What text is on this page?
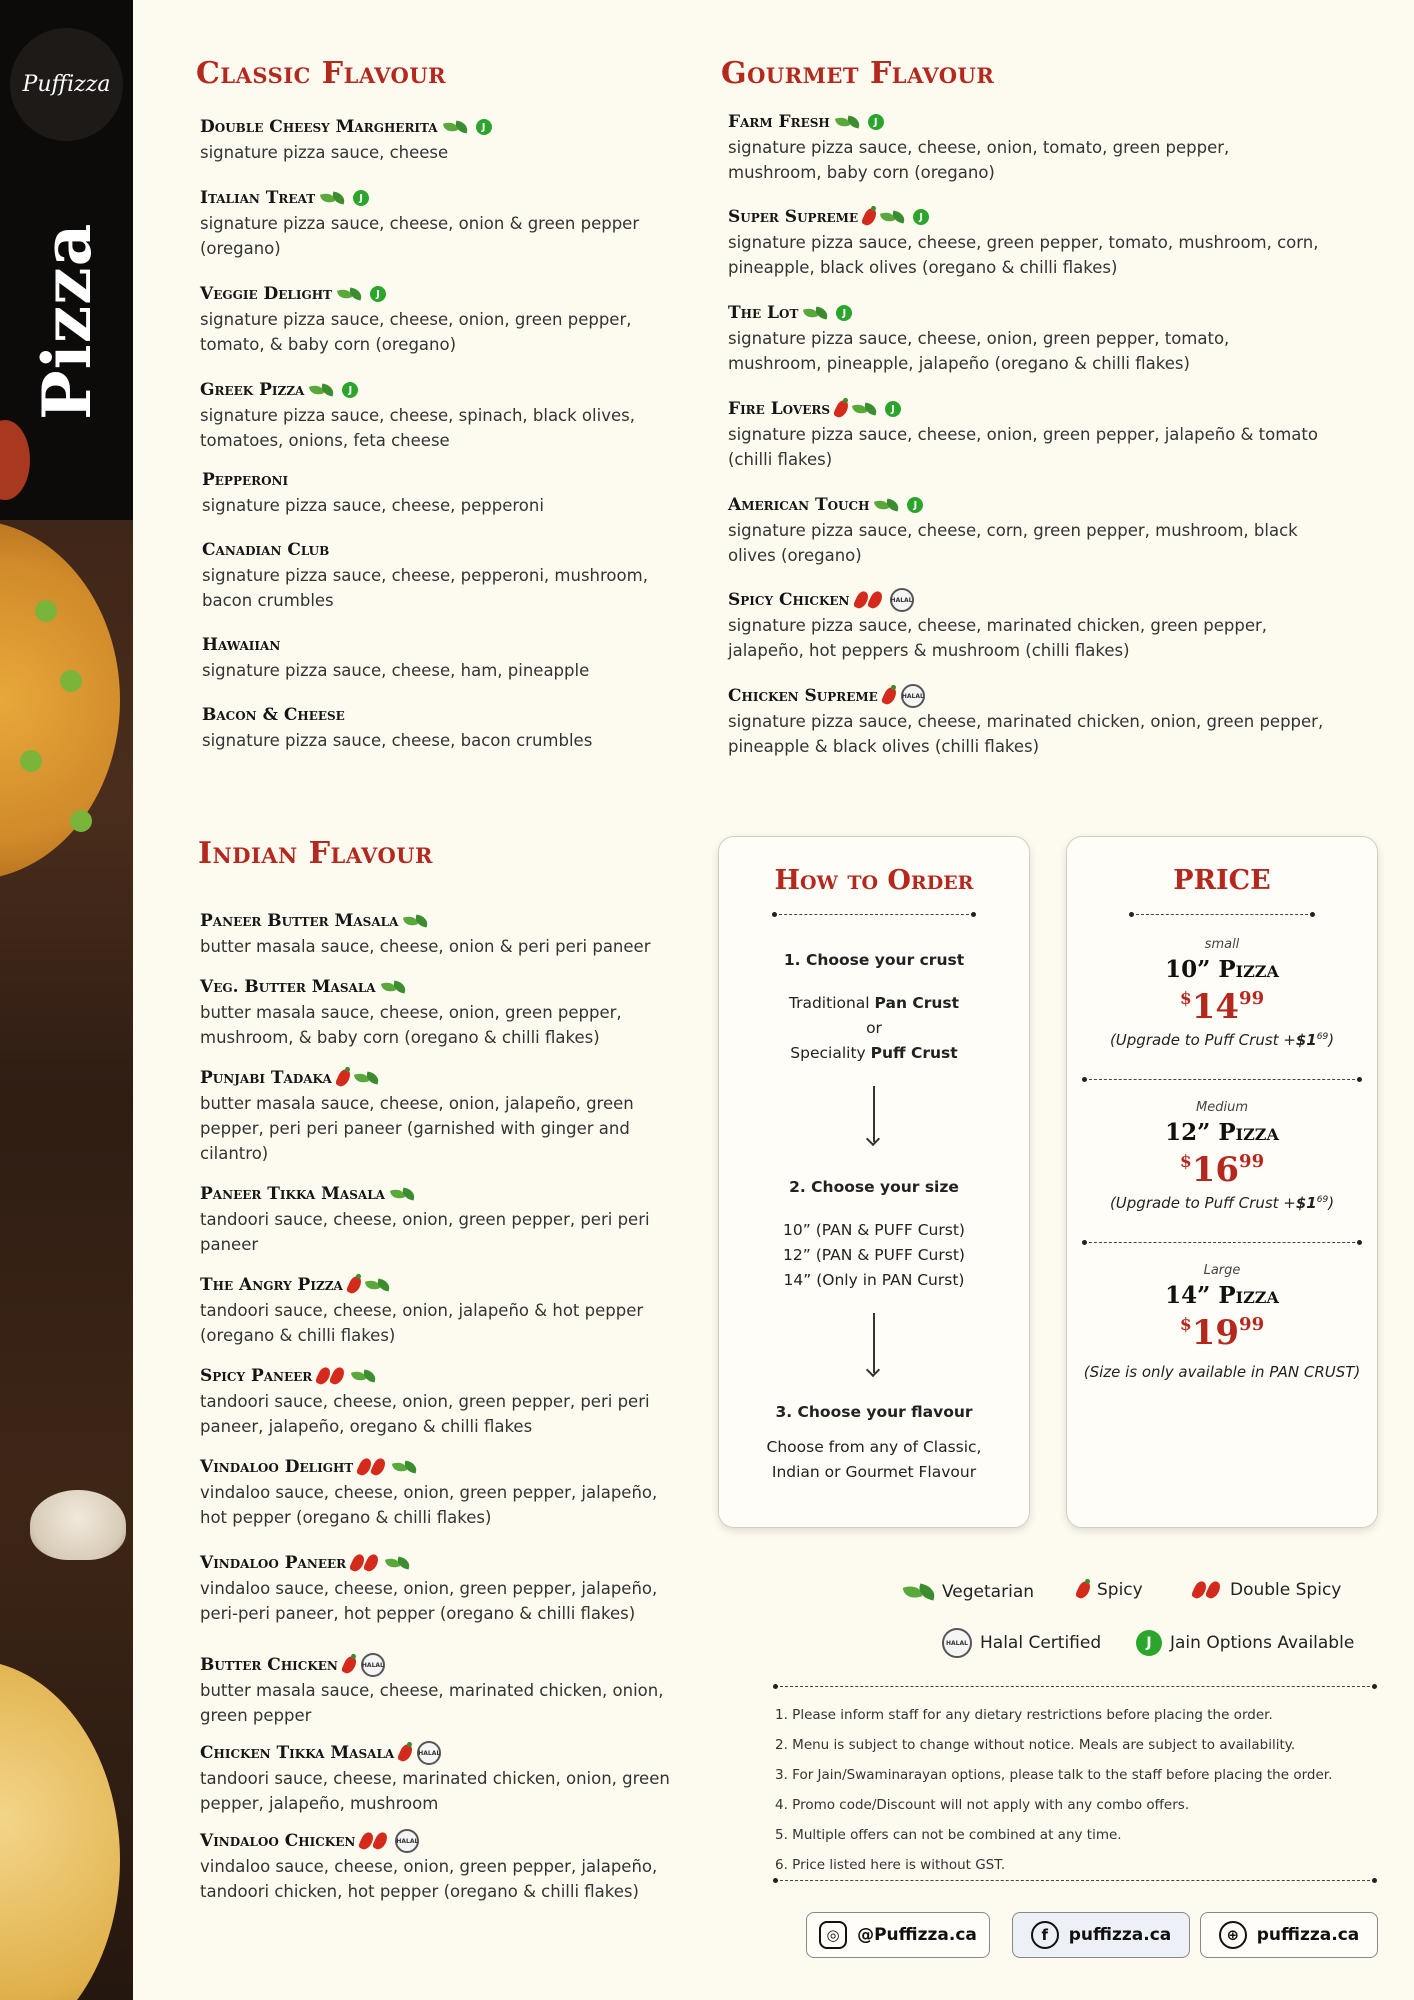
Puffizza
Pizza
Classic Flavour	Gourmet Flavour
Indian Flavour
Double Cheesy Margherita	J
signature pizza sauce, cheese
Italian Treat	J
signature pizza sauce, cheese, onion & green pepper (oregano)
Veggie Delight	J
signature pizza sauce, cheese, onion, green pepper, tomato, & baby corn (oregano)
Greek Pizza	J
signature pizza sauce, cheese, spinach, black olives, tomatoes, onions, feta cheese
Pepperoni
signature pizza sauce, cheese, pepperoni
Canadian Club
signature pizza sauce, cheese, pepperoni, mushroom, bacon crumbles
Hawaiian
signature pizza sauce, cheese, ham, pineapple
Bacon & Cheese
signature pizza sauce, cheese, bacon crumbles
Farm Fresh	J
signature pizza sauce, cheese, onion, tomato, green pepper, mushroom, baby corn (oregano)
Super Supreme	J
signature pizza sauce, cheese, green pepper, tomato, mushroom, corn, pineapple, black olives (oregano & chilli flakes)
The Lot	J
signature pizza sauce, cheese, onion, green pepper, tomato, mushroom, pineapple, jalapeño (oregano & chilli flakes)
Fire Lovers	J
signature pizza sauce, cheese, onion, green pepper, jalapeño & tomato (chilli flakes)
American Touch	J
signature pizza sauce, cheese, corn, green pepper, mushroom, black olives (oregano)
Spicy Chicken	HALAL
signature pizza sauce, cheese, marinated chicken, green pepper, jalapeño, hot peppers & mushroom (chilli flakes)
Chicken Supreme	HALAL
signature pizza sauce, cheese, marinated chicken, onion, green pepper, pineapple & black olives (chilli flakes)
Paneer Butter Masala
butter masala sauce, cheese, onion & peri peri paneer
Veg. Butter Masala
butter masala sauce, cheese, onion, green pepper, mushroom, & baby corn (oregano & chilli flakes)
Punjabi Tadaka
butter masala sauce, cheese, onion, jalapeño, green pepper, peri peri paneer (garnished with ginger and cilantro)
Paneer Tikka Masala
tandoori sauce, cheese, onion, green pepper, peri peri paneer
The Angry Pizza
tandoori sauce, cheese, onion, jalapeño & hot pepper (oregano & chilli flakes)
Spicy Paneer
tandoori sauce, cheese, onion, green pepper, peri peri paneer, jalapeño, oregano & chilli flakes
Vindaloo Delight
vindaloo sauce, cheese, onion, green pepper, jalapeño, hot pepper (oregano & chilli flakes)
Vindaloo Paneer
vindaloo sauce, cheese, onion, green pepper, jalapeño, peri-peri paneer, hot pepper (oregano & chilli flakes)
Butter Chicken	HALAL
butter masala sauce, cheese, marinated chicken, onion, green pepper
Chicken Tikka Masala	HALAL
tandoori sauce, cheese, marinated chicken, onion, green pepper, jalapeño, mushroom
Vindaloo Chicken	HALAL
vindaloo sauce, cheese, onion, green pepper, jalapeño, tandoori chicken, hot pepper (oregano & chilli flakes)
How to Order
1. Choose your crust
Traditional Pan Crust
or
Speciality Puff Crust
2. Choose your size
10” (PAN & PUFF Curst)
12” (PAN & PUFF Curst)
14” (Only in PAN Curst)
3. Choose your flavour
Choose from any of Classic,
Indian or Gourmet Flavour
PRICE
small
10” Pizza
$^{\$}14^{99}$
(Upgrade to Puff Crust $+\$1^{69}$)
Medium
12” Pizza
$^{\$}16^{99}$
(Upgrade to Puff Crust $+\$1^{69}$)
Large
14” Pizza
$^{\$}19^{99}$
(Size is only available in PAN CRUST)
Vegetarian	Spicy	Double Spicy
HALAL Halal Certified	J	Jain Options Available
1. Please inform staff for any dietary restrictions before placing the order.
2. Menu is subject to change without notice. Meals are subject to availability.
3. For Jain/Swaminarayan options, please talk to the staff before placing the order.
4. Promo code/Discount will not apply with any combo offers.
5. Multiple offers can not be combined at any time.
6. Price listed here is without GST.
◎	@Puffizza.ca	f	puffizza.ca	⊕	puffizza.ca
